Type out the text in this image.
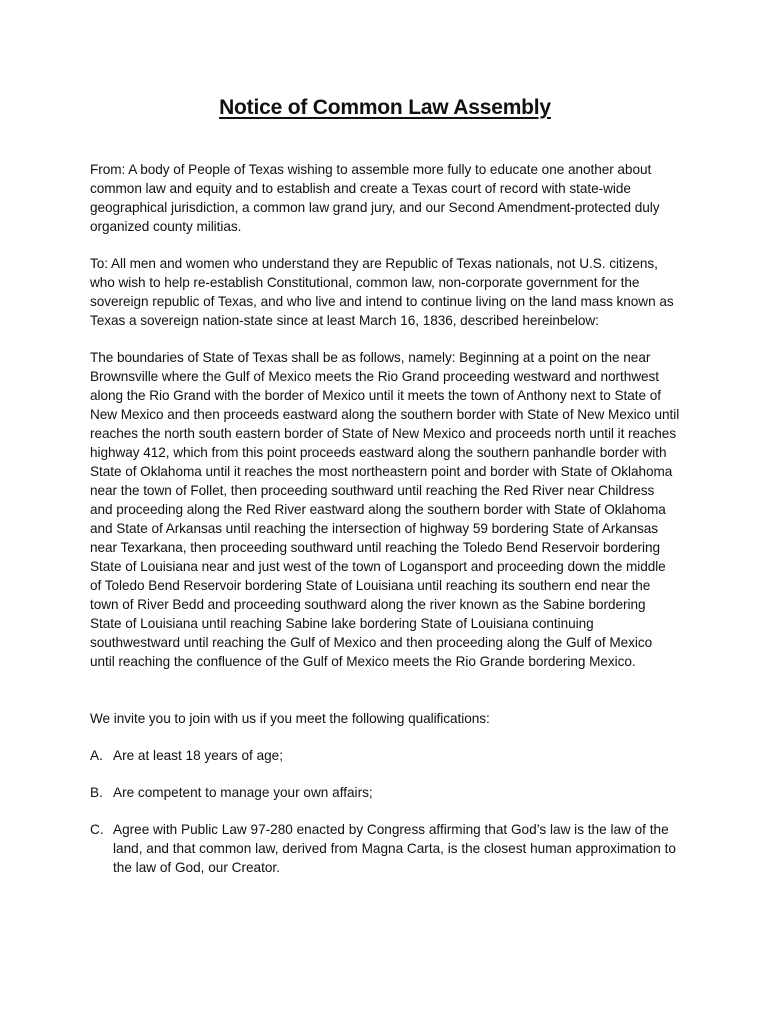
Notice of Common Law Assembly

From: A body of People of Texas wishing to assemble more fully to educate one another about common law and equity and to establish and create a Texas court of record with state-wide geographical jurisdiction, a common law grand jury, and our Second Amendment-protected duly organized county militias.

To: All men and women who understand they are Republic of Texas nationals, not U.S. citizens, who wish to help re-establish Constitutional, common law, non-corporate government for the sovereign republic of Texas, and who live and intend to continue living on the land mass known as Texas a sovereign nation-state since at least March 16, 1836, described hereinbelow:

The boundaries of State of Texas shall be as follows, namely: Beginning at a point on the near Brownsville where the Gulf of Mexico meets the Rio Grand proceeding westward and northwest along the Rio Grand with the border of Mexico until it meets the town of Anthony next to State of New Mexico and then proceeds eastward along the southern border with State of New Mexico until reaches the north south eastern border of State of New Mexico and proceeds north until it reaches highway 412, which from this point proceeds eastward along the southern panhandle border with State of Oklahoma until it reaches the most northeastern point and border with State of Oklahoma near the town of Follet, then proceeding southward until reaching the Red River near Childress and proceeding along the Red River eastward along the southern border with State of Oklahoma and State of Arkansas until reaching the intersection of highway 59 bordering State of Arkansas near Texarkana, then proceeding southward until reaching the Toledo Bend Reservoir bordering State of Louisiana near and just west of the town of Logansport and proceeding down the middle of Toledo Bend Reservoir bordering State of Louisiana until reaching its southern end near the town of River Bedd and proceeding southward along the river known as the Sabine bordering State of Louisiana until reaching Sabine lake bordering State of Louisiana continuing southwestward until reaching the Gulf of Mexico and then proceeding along the Gulf of Mexico until reaching the confluence of the Gulf of Mexico meets the Rio Grande bordering Mexico.

We invite you to join with us if you meet the following qualifications:

A. Are at least 18 years of age;
B. Are competent to manage your own affairs;
C. Agree with Public Law 97-280 enacted by Congress affirming that God’s law is the law of the land, and that common law, derived from Magna Carta, is the closest human approximation to the law of God, our Creator.
